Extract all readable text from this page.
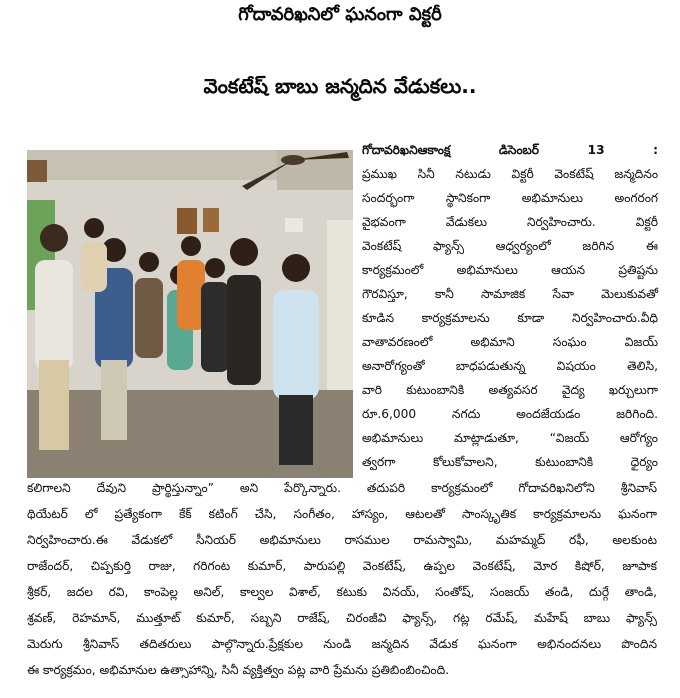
గోదావరిఖనిలో ఘనంగా విక్టరీ
వెంకటేష్ బాబు జన్మదిన వేడుకలు..
గోదావరిఖనిఆకాంక్ష డిసెంబర్ 13 :
ప్రముఖ సినీ నటుడు విక్టరీ వెంకటేష్ జన్మదినం
సందర్భంగా స్థానికంగా అభిమానులు అంగరంగ
వైభవంగా వేడుకలు నిర్వహించారు. విక్టరీ
వెంకటేష్ ఫ్యాన్స్ ఆధ్వర్యంలో జరిగిన ఈ
కార్యక్రమంలో అభిమానులు ఆయన ప్రతిష్టను
గౌరవిస్తూ, కానీ సామాజిక సేవా మెలుకువతో
కూడిన కార్యక్రమాలను కూడా నిర్వహించారు.వీధి
వాతావరణంలో అభిమాని సంఘం విజయ్
అనారోగ్యంతో బాధపడుతున్న విషయం తెలిసి,
వారి కుటుంబానికి అత్యవసర వైద్య ఖర్చులుగా
రూ.6,000 నగదు అందజేయడం జరిగింది.
అభిమానులు మాట్లాడుతూ, “విజయ్ ఆరోగ్యం
త్వరగా కోలుకోవాలని, కుటుంబానికి ధైర్యం
కలిగాలని దేవుని ప్రార్థిస్తున్నాం” అని పేర్కొన్నారు. తదుపరి కార్యక్రమంలో గోదావరిఖనిలోని శ్రీనివాస్
థియేటర్ లో ప్రత్యేకంగా కేక్ కటింగ్ చేసి, సంగీతం, హాస్యం, ఆటలతో సాంస్కృతిక కార్యక్రమాలను ఘనంగా
నిర్వహించారు.ఈ వేడుకలో సీనియర్ అభిమానులు రాసముల రామస్వామి, మహమ్మద్ రఫీ, అలకుంట
రాజేందర్, చిప్పకుర్తి రాజు, గరిగంట కుమార్, పారుపల్లి వెంకటేష్, ఉప్పల వెంకటేష్, మోర కిషోర్, జూపాక
శ్రీకర్, జదల రవి, కాంపెల్ల అనిల్, కాల్వల విశాల్, కటుకు వినయ్, సంతోష్, సంజయ్ తండి, దుర్గే తాండి,
శ్రవణ్, రెహమాన్, ముత్తూట్ కుమార్, సబ్బని రాజేష్, చిరంజీవి ఫ్యాన్స్, గట్ల రమేష్, మహేష్ బాబు ఫ్యాన్స్
మెరుగు శ్రీనివాస్ తదితరులు పాల్గొన్నారు.ప్రేక్షకుల నుండి జన్మదిన వేడుక ఘనంగా అభినందనలు పొందిన
ఈ కార్యక్రమం, అభిమానుల ఉత్సాహాన్ని, సినీ వ్యక్తిత్వం పట్ల వారి ప్రేమను ప్రతిబింబించింది.
